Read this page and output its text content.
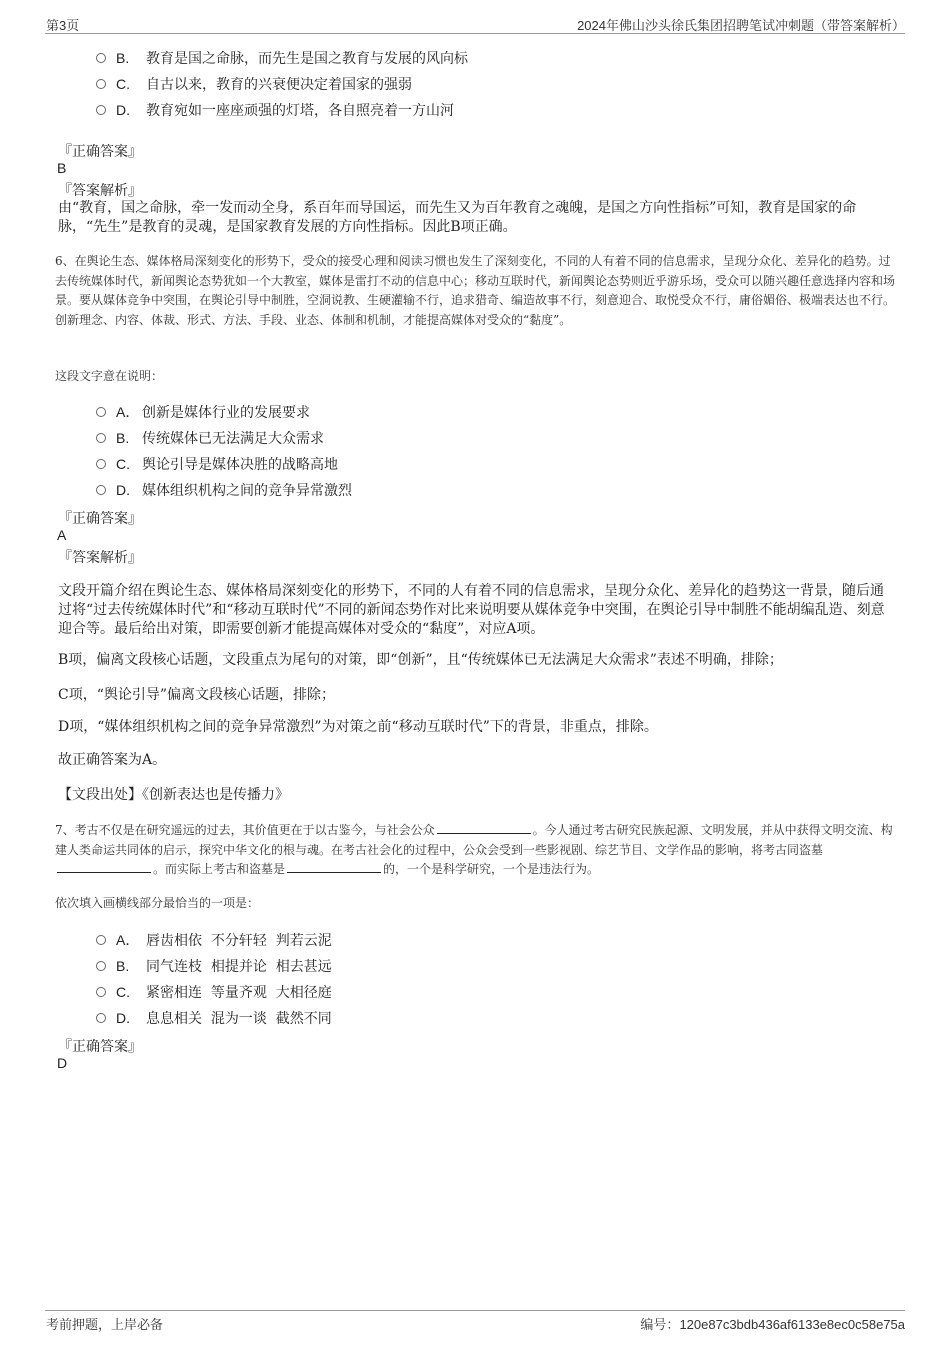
第3页	2024年佛山沙头徐氏集团招聘笔试冲刺题（带答案解析）
B.	教育是国之命脉，而先生是国之教育与发展的风向标
C.	自古以来，教育的兴衰便决定着国家的强弱
D.	教育宛如一座座顽强的灯塔，各自照亮着一方山河
『正确答案』
B
『答案解析』
由“教育，国之命脉，牵一发而动全身，系百年而导国运，而先生又为百年教育之魂魄，是国之方向性指标”可知，教育是国家的命脉，“先生”是教育的灵魂，是国家教育发展的方向性指标。因此B项正确。
6、在舆论生态、媒体格局深刻变化的形势下，受众的接受心理和阅读习惯也发生了深刻变化，不同的人有着不同的信息需求，呈现分众化、差异化的趋势。过去传统媒体时代，新闻舆论态势犹如一个大教室，媒体是雷打不动的信息中心；移动互联时代，新闻舆论态势则近乎游乐场，受众可以随兴趣任意选择内容和场景。要从媒体竞争中突围，在舆论引导中制胜，空洞说教、生硬灌输不行，追求猎奇、编造故事不行，刻意迎合、取悦受众不行，庸俗媚俗、极端表达也不行。创新理念、内容、体裁、形式、方法、手段、业态、体制和机制，才能提高媒体对受众的“黏度”。
这段文字意在说明：
A． 创新是媒体行业的发展要求
B. 传统媒体已无法满足大众需求
C. 舆论引导是媒体决胜的战略高地
D. 媒体组织机构之间的竞争异常激烈
『正确答案』
A
『答案解析』
文段开篇介绍在舆论生态、媒体格局深刻变化的形势下，不同的人有着不同的信息需求，呈现分众化、差异化的趋势这一背景，随后通过将“过去传统媒体时代”和“移动互联时代”不同的新闻态势作对比来说明要从媒体竞争中突围，在舆论引导中制胜不能胡编乱造、刻意迎合等。最后给出对策，即需要创新才能提高媒体对受众的“黏度”，对应A项。
B项，偏离文段核心话题，文段重点为尾句的对策，即“创新”，且“传统媒体已无法满足大众需求”表述不明确，排除；
C项，“舆论引导”偏离文段核心话题，排除；
D项，“媒体组织机构之间的竞争异常激烈”为对策之前“移动互联时代”下的背景，非重点，排除。
故正确答案为A。
【文段出处】《创新表达也是传播力》
7、考古不仅是在研究遥远的过去，其价值更在于以古鉴今，与社会公众	。今人通过考古研究民族起源、文明发展，并从中获得文明交流、构建人类命运共同体的启示，探究中华文化的根与魂。在考古社会化的过程中，公众会受到一些影视剧、综艺节目、文学作品的影响，将考古同盗墓。而实际上考古和盗墓是	的，一个是科学研究，一个是违法行为。
依次填入画横线部分最恰当的一项是：
A． 唇齿相依  不分轩轻  判若云泥
B.	同气连枝  相提并论  相去甚远
C.	紧密相连  等量齐观  大相径庭
D.	息息相关  混为一谈  截然不同
『正确答案』
D
考前押题，上岸必备	编号：120e87c3bdb436af6133e8ec0c58e75a
